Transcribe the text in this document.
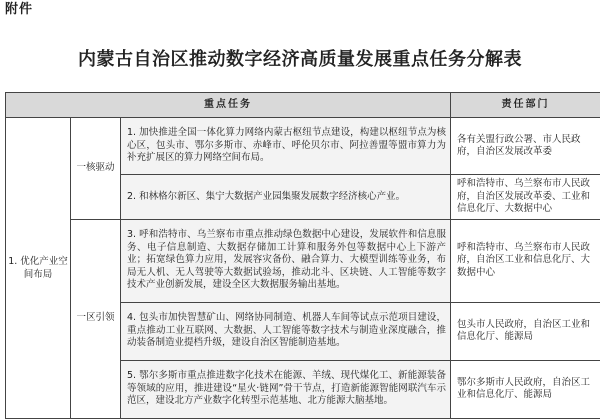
附件
内蒙古自治区推动数字经济高质量发展重点任务分解表
重点任务			责任部门
1. 优化产业空间布局	一核驱动	1. 加快推进全国一体化算力网络内蒙古枢纽节点建设，构建以枢纽节点为核心区，包头市、鄂尔多斯市、赤峰市、呼伦贝尔市、阿拉善盟等盟市算力为补充扩展区的算力网络空间布局。	各有关盟行政公署、市人民政府，自治区发展改革委
		2. 和林格尔新区、集宁大数据产业园集聚发展数字经济核心产业。	呼和浩特市、乌兰察布市人民政府，自治区发展改革委、工业和信息化厅、大数据中心
	一区引领	3. 呼和浩特市、乌兰察布市重点推动绿色数据中心建设，发展软件和信息服务、电子信息制造、大数据存储加工计算和服务外包等数据中心上下游产业；拓宽绿色算力应用，发展容灾备份、融合算力、大模型训练等业务，布局无人机、无人驾驶等大数据试验场，推动北斗、区块链、人工智能等数字技术产业创新发展，建设全区大数据服务输出基地。	呼和浩特市、乌兰察布市人民政府，自治区工业和信息化厅、大数据中心
		4. 包头市加快智慧矿山、网络协同制造、机器人车间等试点示范项目建设，重点推动工业互联网、大数据、人工智能等数字技术与制造业深度融合，推动装备制造业提档升级，建设自治区智能制造基地。	包头市人民政府，自治区工业和信息化厅、能源局
		5. 鄂尔多斯市重点推进数字化技术在能源、羊绒、现代煤化工、新能源装备等领域的应用，推进建设“星火·链网”骨干节点，打造新能源智能网联汽车示范区，建设北方产业数字化转型示范基地、北方能源大脑基地。	鄂尔多斯市人民政府，自治区工业和信息化厅、能源局
